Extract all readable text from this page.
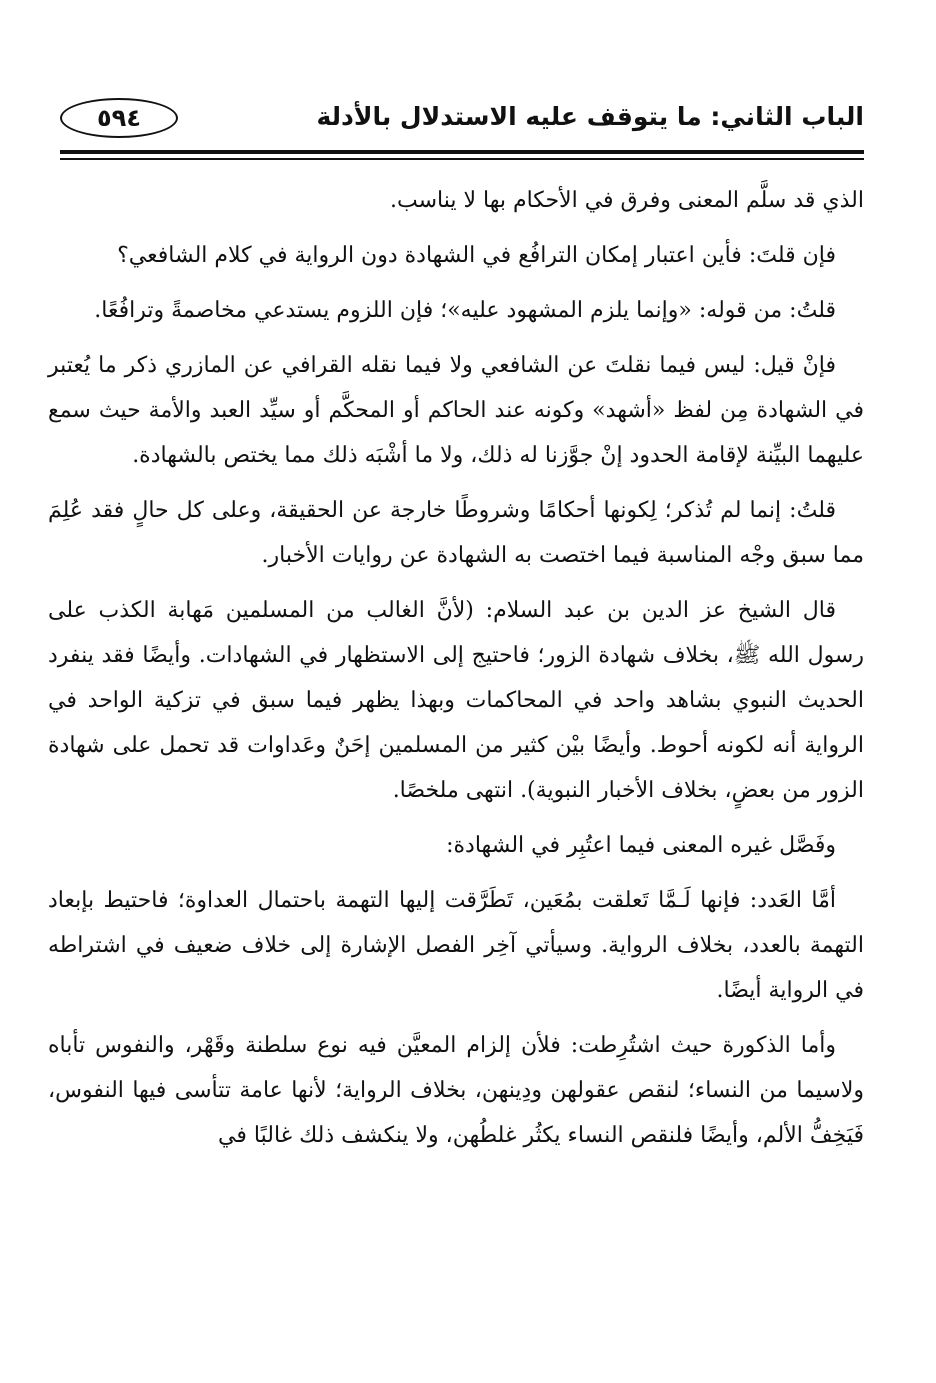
الباب الثاني: ما يتوقف عليه الاستدلال بالأدلة
٥٩٤

الذي قد سلَّم المعنى وفرق في الأحكام بها لا يناسب.

فإن قلتَ: فأين اعتبار إمكان الترافُع في الشهادة دون الرواية في كلام الشافعي؟

قلتُ: من قوله: «وإنما يلزم المشهود عليه»؛ فإن اللزوم يستدعي مخاصمةً وترافُعًا.

فإنْ قيل: ليس فيما نقلتَ عن الشافعي ولا فيما نقله القرافي عن المازري ذكر ما يُعتبر في الشهادة مِن لفظ «أشهد» وكونه عند الحاكم أو المحكَّم أو سيِّد العبد والأمة حيث سمع عليهما البيِّنة لإقامة الحدود إنْ جوَّزنا له ذلك، ولا ما أشْبَه ذلك مما يختص بالشهادة.

قلتُ: إنما لم تُذكر؛ لِكونها أحكامًا وشروطًا خارجة عن الحقيقة، وعلى كل حالٍ فقد عُلِمَ مما سبق وجْه المناسبة فيما اختصت به الشهادة عن روايات الأخبار.

قال الشيخ عز الدين بن عبد السلام: (لأنَّ الغالب من المسلمين مَهابة الكذب على رسول الله ﷺ، بخلاف شهادة الزور؛ فاحتيج إلى الاستظهار في الشهادات. وأيضًا فقد ينفرد الحديث النبوي بشاهد واحد في المحاكمات وبهذا يظهر فيما سبق في تزكية الواحد في الرواية أنه لكونه أحوط. وأيضًا بيْن كثير من المسلمين إحَنٌ وعَداوات قد تحمل على شهادة الزور من بعضٍ، بخلاف الأخبار النبوية). انتهى ملخصًا.

وفَصَّل غيره المعنى فيما اعتُبِر في الشهادة:

أمَّا العَدد: فإنها لَـمَّا تَعلقت بمُعَين، تَطَرَّقت إليها التهمة باحتمال العداوة؛ فاحتيط بإبعاد التهمة بالعدد، بخلاف الرواية. وسيأتي آخِر الفصل الإشارة إلى خلاف ضعيف في اشتراطه في الرواية أيضًا.

وأما الذكورة حيث اشتُرِطت: فلأن إلزام المعيَّن فيه نوع سلطنة وقَهْر، والنفوس تأباه ولاسيما من النساء؛ لنقص عقولهن ودِينهن، بخلاف الرواية؛ لأنها عامة تتأسى فيها النفوس، فَيَخِفُّ الألم، وأيضًا فلنقص النساء يكثُر غلطُهن، ولا ينكشف ذلك غالبًا في
